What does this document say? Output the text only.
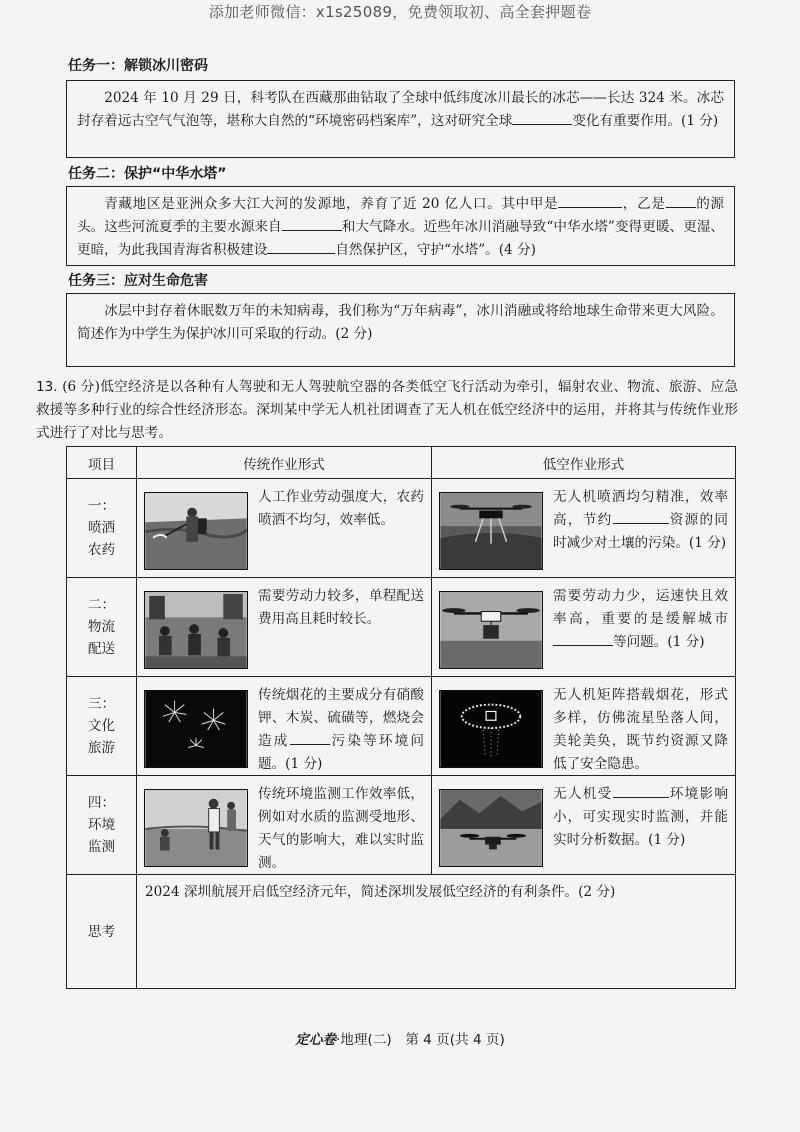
添加老师微信：x1s25089，免费领取初、高全套押题卷
任务一：解锁冰川密码

2024 年 10 月 29 日，科考队在西藏那曲钻取了全球中低纬度冰川最长的冰芯——长达 324 米。冰芯封存着远古空气气泡等，堪称大自然的“环境密码档案库”，这对研究全球	变化有重要作用。(1 分)

任务二：保护“中华水塔”

青藏地区是亚洲众多大江大河的发源地，养育了近 20 亿人口。其中甲是	，乙是 的源头。这些河流夏季的主要水源来自	和大气降水。近些年冰川消融导致“中华水塔”变得更暖、更湿、更暗，为此我国青海省积极建设	自然保护区，守护“水塔”。(4 分)

任务三：应对生命危害

冰层中封存着休眠数万年的未知病毒，我们称为“万年病毒”，冰川消融或将给地球生命带来更大风险。简述作为中学生为保护冰川可采取的行动。(2 分)

13. (6 分)低空经济是以各种有人驾驶和无人驾驶航空器的各类低空飞行活动为牵引，辐射农业、物流、旅游、应急救援等多种行业的综合性经济形态。深圳某中学无人机社团调查了无人机在低空经济中的运用，并将其与传统作业形式进行了对比与思考。
项目	传统作业形式	低空作业形式

一：
喷洒
农药	人工作业劳动强度大，农药喷洒不均匀，效率低。	无人机喷洒均匀精准，效率高，节约 资源的同时减少对土壤的污染。(1 分)

二：
物流
配送	需要劳动力较多，单程配送费用高且耗时较长。	需要劳动力少，运速快且效率高，重要的是缓解城市等问题。(1 分)

三：
文化
旅游	传统烟花的主要成分有硝酸钾、木炭、硫磺等，燃烧会造成 污染等环境问题。(1 分)	无人机矩阵搭载烟花，形式多样，仿佛流星坠落人间，美轮美奂，既节约资源又降低了安全隐患。

四：
环境
监测	传统环境监测工作效率低，例如对水质的监测受地形、天气的影响大，难以实时监测。	无人机受 环境影响小，可实现实时监测，并能实时分析数据。(1 分)

思考	2024 深圳航展开启低空经济元年，简述深圳发展低空经济的有利条件。(2 分)	
定心卷·地理(二)　第 4 页(共 4 页)
